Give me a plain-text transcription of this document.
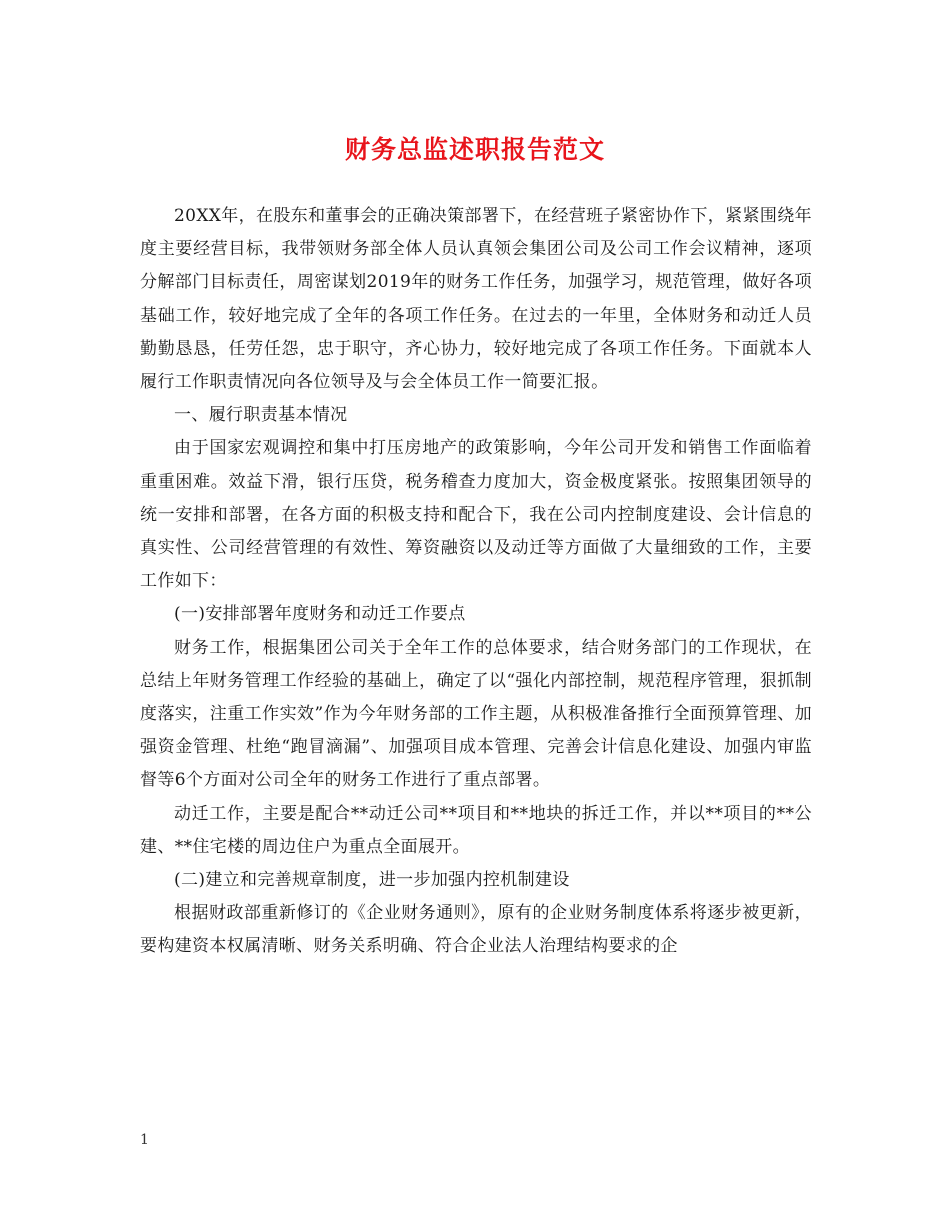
财务总监述职报告范文

20XX年，在股东和董事会的正确决策部署下，在经营班子紧密协作下，紧紧围绕年度主要经营目标，我带领财务部全体人员认真领会集团公司及公司工作会议精神，逐项分解部门目标责任，周密谋划2019年的财务工作任务，加强学习，规范管理，做好各项基础工作，较好地完成了全年的各项工作任务。在过去的一年里，全体财务和动迁人员勤勤恳恳，任劳任怨，忠于职守，齐心协力，较好地完成了各项工作任务。下面就本人履行工作职责情况向各位领导及与会全体员工作一简要汇报。

一、履行职责基本情况

由于国家宏观调控和集中打压房地产的政策影响，今年公司开发和销售工作面临着重重困难。效益下滑，银行压贷，税务稽查力度加大，资金极度紧张。按照集团领导的统一安排和部署，在各方面的积极支持和配合下，我在公司内控制度建设、会计信息的真实性、公司经营管理的有效性、筹资融资以及动迁等方面做了大量细致的工作，主要工作如下：

(一)安排部署年度财务和动迁工作要点

财务工作，根据集团公司关于全年工作的总体要求，结合财务部门的工作现状，在总结上年财务管理工作经验的基础上，确定了以“强化内部控制，规范程序管理，狠抓制度落实，注重工作实效”作为今年财务部的工作主题，从积极准备推行全面预算管理、加强资金管理、杜绝“跑冒滴漏”、加强项目成本管理、完善会计信息化建设、加强内审监督等6个方面对公司全年的财务工作进行了重点部署。

动迁工作，主要是配合**动迁公司**项目和**地块的拆迁工作，并以**项目的**公建、**住宅楼的周边住户为重点全面展开。

(二)建立和完善规章制度，进一步加强内控机制建设

根据财政部重新修订的《企业财务通则》，原有的企业财务制度体系将逐步被更新，要构建资本权属清晰、财务关系明确、符合企业法人治理结构要求的企

1
